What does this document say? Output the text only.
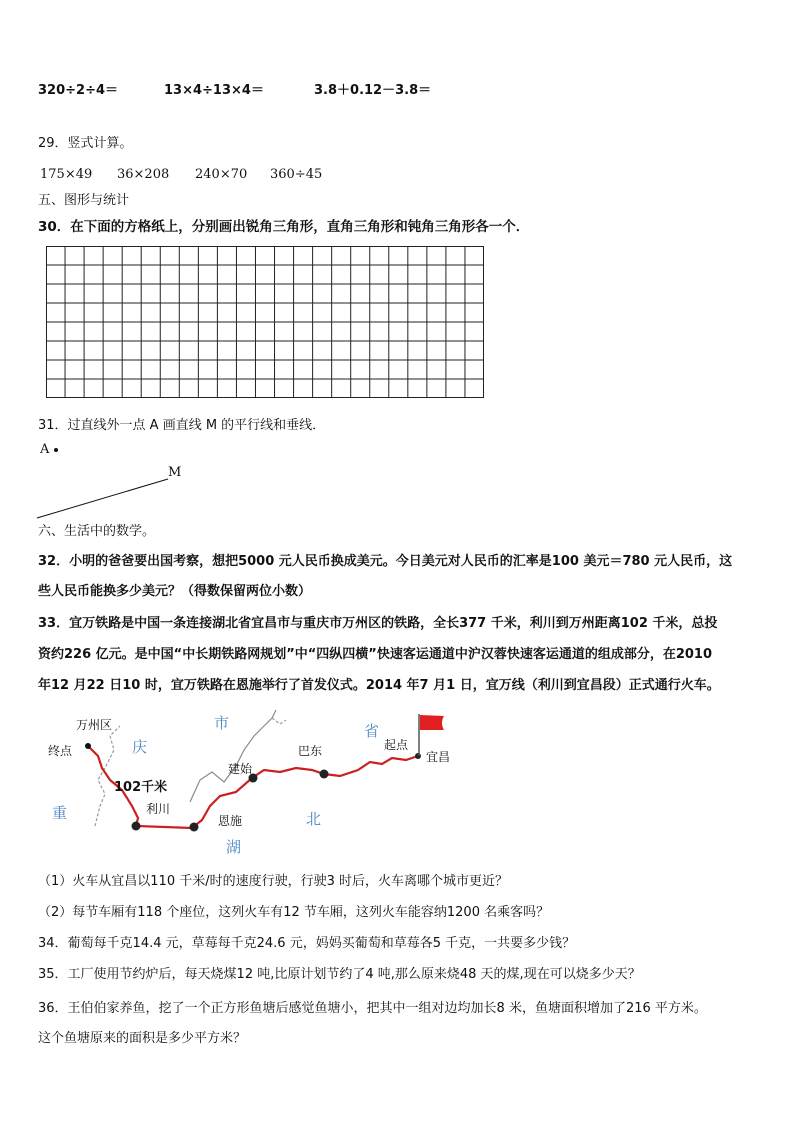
320÷2÷4＝	13×4÷13×4＝	3.8＋0.12－3.8＝
29．竖式计算。
175×49 36×208 240×70 360÷45
五、图形与统计
30．在下面的方格纸上，分别画出锐角三角形，直角三角形和钝角三角形各一个．
31．过直线外一点 A 画直线 M 的平行线和垂线．
A
M
六、生活中的数学。
32．小明的爸爸要出国考察，想把5000 元人民币换成美元。今日美元对人民币的汇率是100 美元＝780 元人民币，这
些人民币能换多少美元？（得数保留两位小数）
33．宜万铁路是中国一条连接湖北省宜昌市与重庆市万州区的铁路，全长377 千米，利川到万州距离102 千米，总投
资约226 亿元。是中国“中长期铁路网规划”中“四纵四横”快速客运通道中沪汉蓉快速客运通道的组成部分，在2010
年12 月22 日10 时，宜万铁路在恩施举行了首发仪式。2014 年7 月1 日，宜万线（利川到宜昌段）正式通行火车。
万州区
终点	庆
市
重
102千米
利川
恩施
建始
巴东
省
起点
宜昌
北
湖
（1）火车从宜昌以110 千米/时的速度行驶，行驶3 时后，火车离哪个城市更近？
（2）每节车厢有118 个座位，这列火车有12 节车厢，这列火车能容纳1200 名乘客吗？
34．葡萄每千克14.4 元，草莓每千克24.6 元，妈妈买葡萄和草莓各5 千克，一共要多少钱？
35．工厂使用节约炉后，每天烧煤12 吨,比原计划节约了4 吨,那么原来烧48 天的煤,现在可以烧多少天？
36．王伯伯家养鱼，挖了一个正方形鱼塘后感觉鱼塘小，把其中一组对边均加长8 米，鱼塘面积增加了216 平方米。
这个鱼塘原来的面积是多少平方米？
